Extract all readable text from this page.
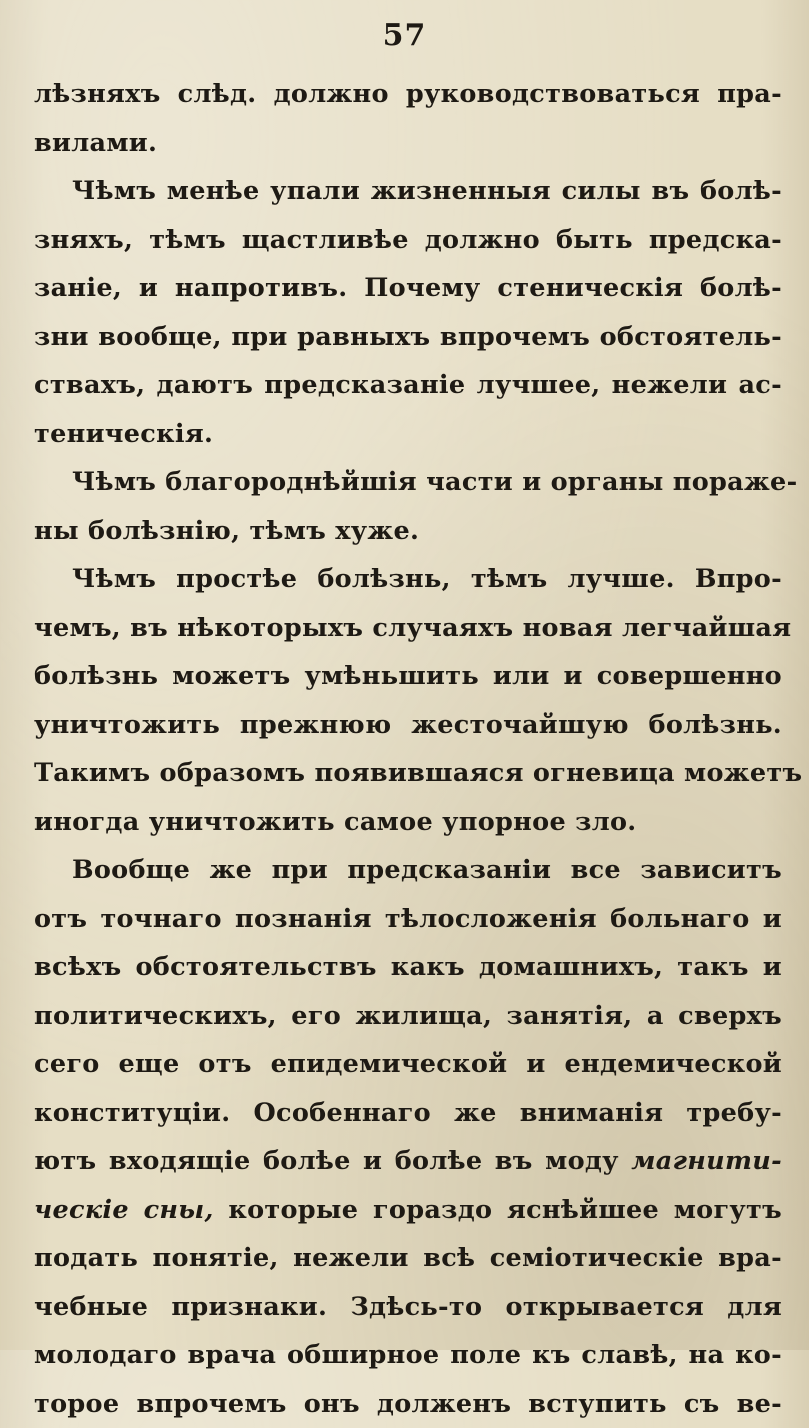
57
лѣзняхъ слѣд. должно руководствоваться пра-
вилами.
Чѣмъ менѣе упали жизненныя силы въ болѣ-
зняхъ, тѣмъ щастливѣе должно быть предска-
заніе, и напротивъ. Почему стеническія болѣ-
зни вообще, при равныхъ впрочемъ обстоятель-
ствахъ, даютъ предсказаніе лучшее, нежели ас-
теническія.
Чѣмъ благороднѣйшія части и органы пораже-
ны болѣзнію, тѣмъ хуже.
Чѣмъ простѣе болѣзнь, тѣмъ лучше. Впро-
чемъ, въ нѣкоторыхъ случаяхъ новая легчайшая
болѣзнь можетъ умѣньшить или и совершенно
уничтожить прежнюю жесточайшую болѣзнь.
Такимъ образомъ появившаяся огневица можетъ
иногда уничтожить самое упорное зло.
Вообще же при предсказаніи все зависитъ
отъ точнаго познанія тѣлосложенія больнаго и
всѣхъ обстоятельствъ какъ домашнихъ, такъ и
политическихъ, его жилища, занятія, а сверхъ
сего еще отъ епидемической и ендемической
конституціи. Особеннаго же вниманія требу-
ютъ входящіе болѣе и болѣе въ моду магнити-
ческіе сны, которые гораздо яснѣйшее могутъ
подать понятіе, нежели всѣ семіотическіе вра-
чебные признаки. Здѣсь-то открывается для
молодаго врача обширное поле къ славѣ, на ко-
торое впрочемъ онъ долженъ вступить съ ве-
